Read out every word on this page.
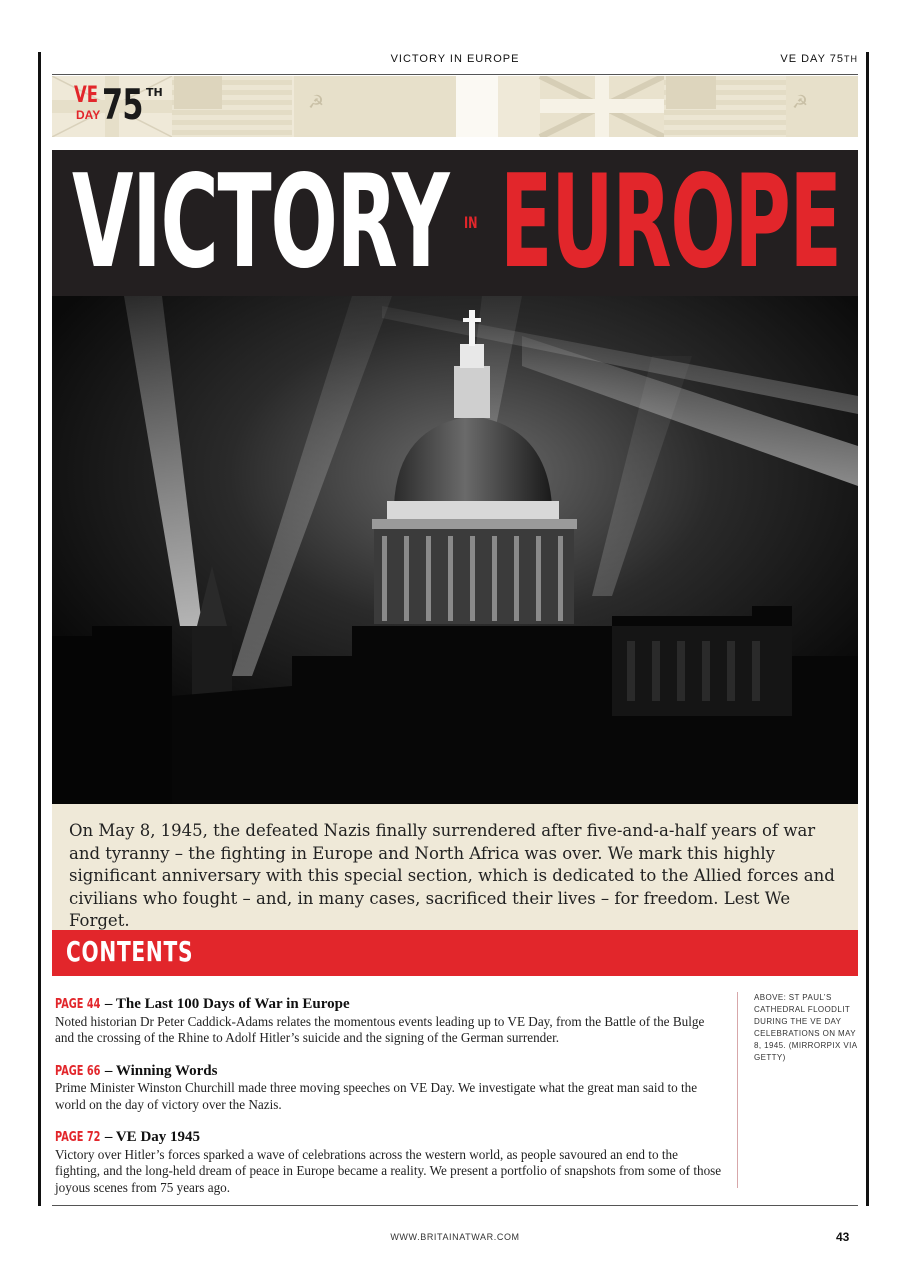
VICTORY IN EUROPE	VE DAY 75TH
☭	☭
VE
DAY 75 TH
VICTORY IN EUROPE
On May 8, 1945, the defeated Nazis finally surrendered after five-and-a-half years of war and tyranny – the fighting in Europe and North Africa was over. We mark this highly significant anniversary with this special section, which is dedicated to the Allied forces and civilians who fought – and, in many cases, sacrificed their lives – for freedom. Lest We Forget.
CONTENTS
PAGE 44 – The Last 100 Days of War in Europe
Noted historian Dr Peter Caddick-Adams relates the momentous events leading up to VE Day, from the Battle of the Bulge and the crossing of the Rhine to Adolf Hitler’s suicide and the signing of the German surrender.
PAGE 66 – Winning Words
Prime Minister Winston Churchill made three moving speeches on VE Day. We investigate what the great man said to the world on the day of victory over the Nazis.
PAGE 72 – VE Day 1945
Victory over Hitler’s forces sparked a wave of celebrations across the western world, as people savoured an end to the fighting, and the long-held dream of peace in Europe became a reality. We present a portfolio of snapshots from some of those joyous scenes from 75 years ago.
ABOVE: ST PAUL’S CATHEDRAL FLOODLIT DURING THE VE DAY CELEBRATIONS ON MAY 8, 1945. (MIRRORPIX VIA GETTY)
WWW.BRITAINATWAR.COM	43
